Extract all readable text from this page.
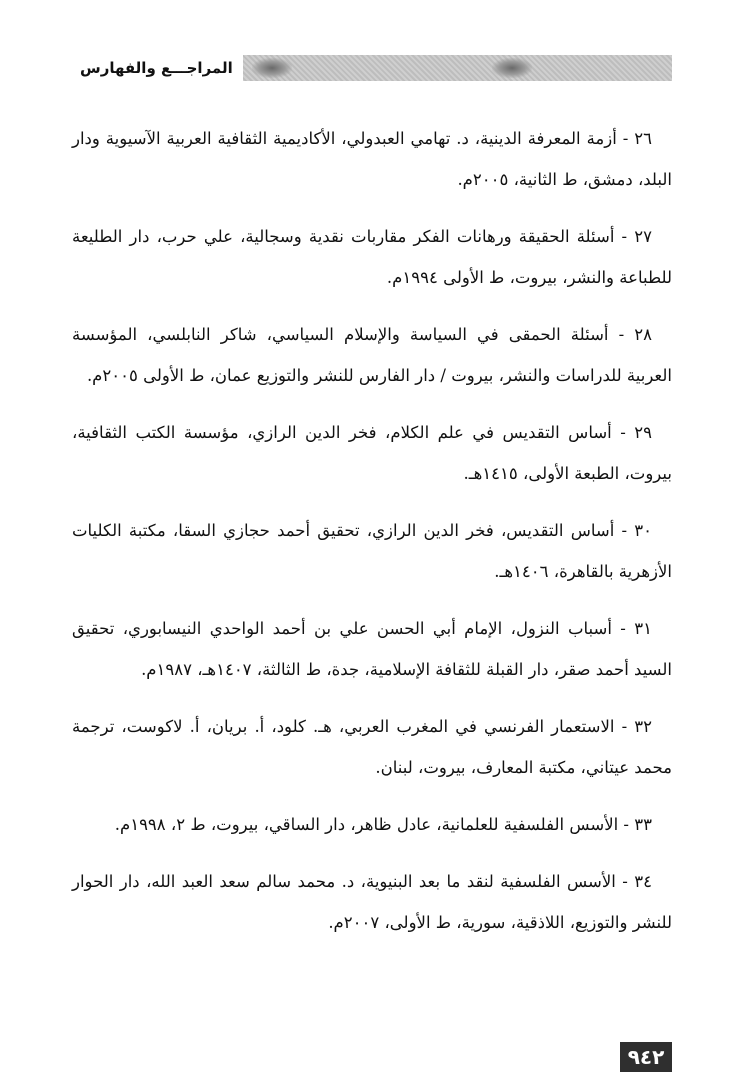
المراجـــع والفهارس

٢٦ - أزمة المعرفة الدينية، د. تهامي العبدولي، الأكاديمية الثقافية العربية الآسيوية ودار البلد، دمشق، ط الثانية، ٢٠٠٥م.

٢٧ - أسئلة الحقيقة ورهانات الفكر مقاربات نقدية وسجالية، علي حرب، دار الطليعة للطباعة والنشر، بيروت، ط الأولى ١٩٩٤م.

٢٨ - أسئلة الحمقى في السياسة والإسلام السياسي، شاكر النابلسي، المؤسسة العربية للدراسات والنشر، بيروت / دار الفارس للنشر والتوزيع عمان، ط الأولى ٢٠٠٥م.

٢٩ - أساس التقديس في علم الكلام، فخر الدين الرازي، مؤسسة الكتب الثقافية، بيروت، الطبعة الأولى، ١٤١٥هـ.

٣٠ - أساس التقديس، فخر الدين الرازي، تحقيق أحمد حجازي السقا، مكتبة الكليات الأزهرية بالقاهرة، ١٤٠٦هـ.

٣١ - أسباب النزول، الإمام أبي الحسن علي بن أحمد الواحدي النيسابوري، تحقيق السيد أحمد صقر، دار القبلة للثقافة الإسلامية، جدة، ط الثالثة، ١٤٠٧هـ، ١٩٨٧م.

٣٢ - الاستعمار الفرنسي في المغرب العربي، هـ. كلود، أ. بريان، أ. لاكوست، ترجمة محمد عيتاني، مكتبة المعارف، بيروت، لبنان.

٣٣ - الأسس الفلسفية للعلمانية، عادل ظاهر، دار الساقي، بيروت، ط ٢، ١٩٩٨م.

٣٤ - الأسس الفلسفية لنقد ما بعد البنيوية، د. محمد سالم سعد العبد الله، دار الحوار للنشر والتوزيع، اللاذقية، سورية، ط الأولى، ٢٠٠٧م.

٩٤٢
